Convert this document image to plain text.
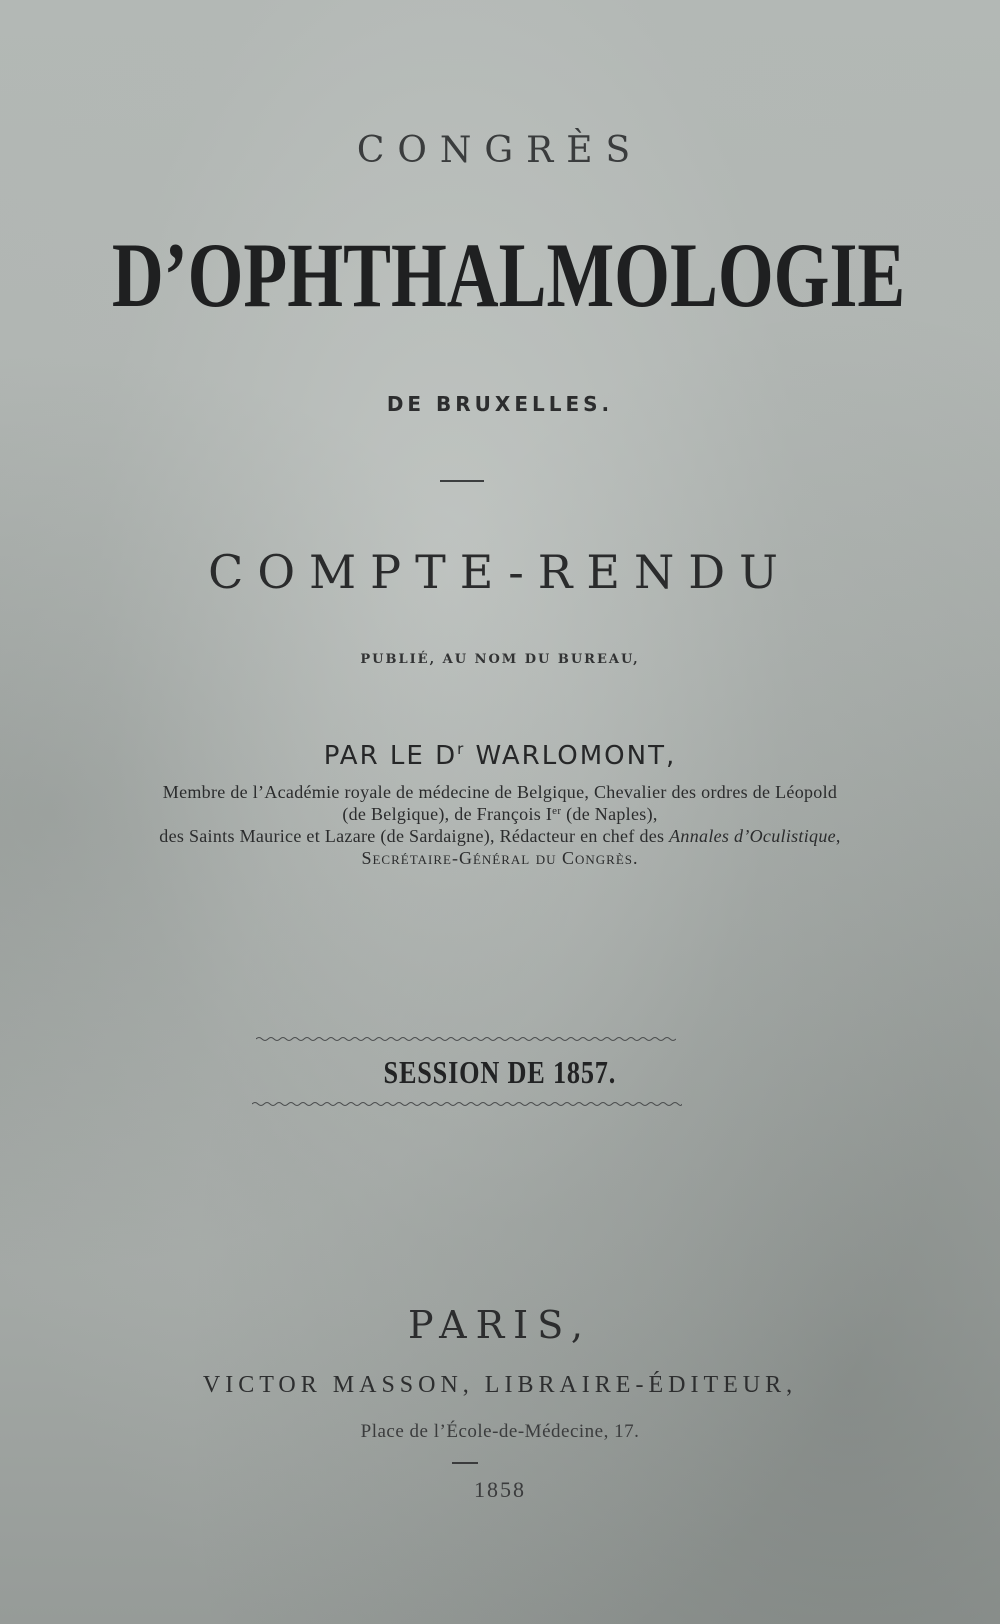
CONGRÈS
D’OPHTHALMOLOGIE
DE BRUXELLES.
COMPTE-RENDU
PUBLIÉ, AU NOM DU BUREAU,
PAR LE $D^r$ WARLOMONT,
Membre de l’Académie royale de médecine de Belgique, Chevalier des ordres de Léopold
(de Belgique), de François Ier (de Naples),
des Saints Maurice et Lazare (de Sardaigne), Rédacteur en chef des Annales d’Oculistique,
Secrétaire-Général du Congrès.
SESSION DE 1857.
PARIS,
VICTOR MASSON, LIBRAIRE-ÉDITEUR,
Place de l’École-de-Médecine, 17.
1858
